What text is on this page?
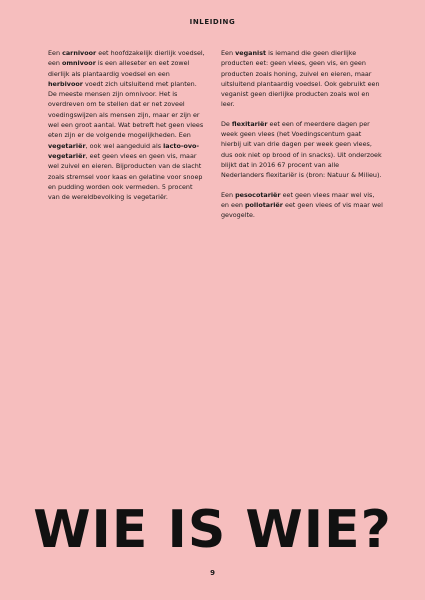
INLEIDING

Een carnivoor eet hoofdzakelijk dierlijk voedsel, een omnivoor is een alleseter en eet zowel dierlijk als plantaardig voedsel en een herbivoor voedt zich uitsluitend met planten. De meeste mensen zijn omnivoor. Het is overdreven om te stellen dat er net zoveel voedingswijzen als mensen zijn, maar er zijn er wel een groot aantal. Wat betreft het geen vlees eten zijn er de volgende mogelijkheden. Een vegetariër, ook wel aangeduid als lacto-ovo-vegetariër, eet geen vlees en geen vis, maar wel zuivel en eieren. Bijproducten van de slacht zoals stremsel voor kaas en gelatine voor snoep en pudding worden ook vermeden. 5 procent van de wereldbevolking is vegetariër.

Een veganist is iemand die geen dierlijke producten eet: geen vlees, geen vis, en geen producten zoals honing, zuivel en eieren, maar uitsluitend plantaardig voedsel. Ook gebruikt een veganist geen dierlijke producten zoals wol en leer.

De flexitariër eet een of meerdere dagen per week geen vlees (het Voedingscentum gaat hierbij uit van drie dagen per week geen vlees, dus ook niet op brood of in snacks). Uit onderzoek blijkt dat in 2016 67 procent van alle Nederlanders flexitariër is (bron: Natuur & Milieu).

Een pesocotariër eet geen vlees maar wel vis, en een pollotariër eet geen vlees of vis maar wel gevogelte.

WIE IS WIE?
9
